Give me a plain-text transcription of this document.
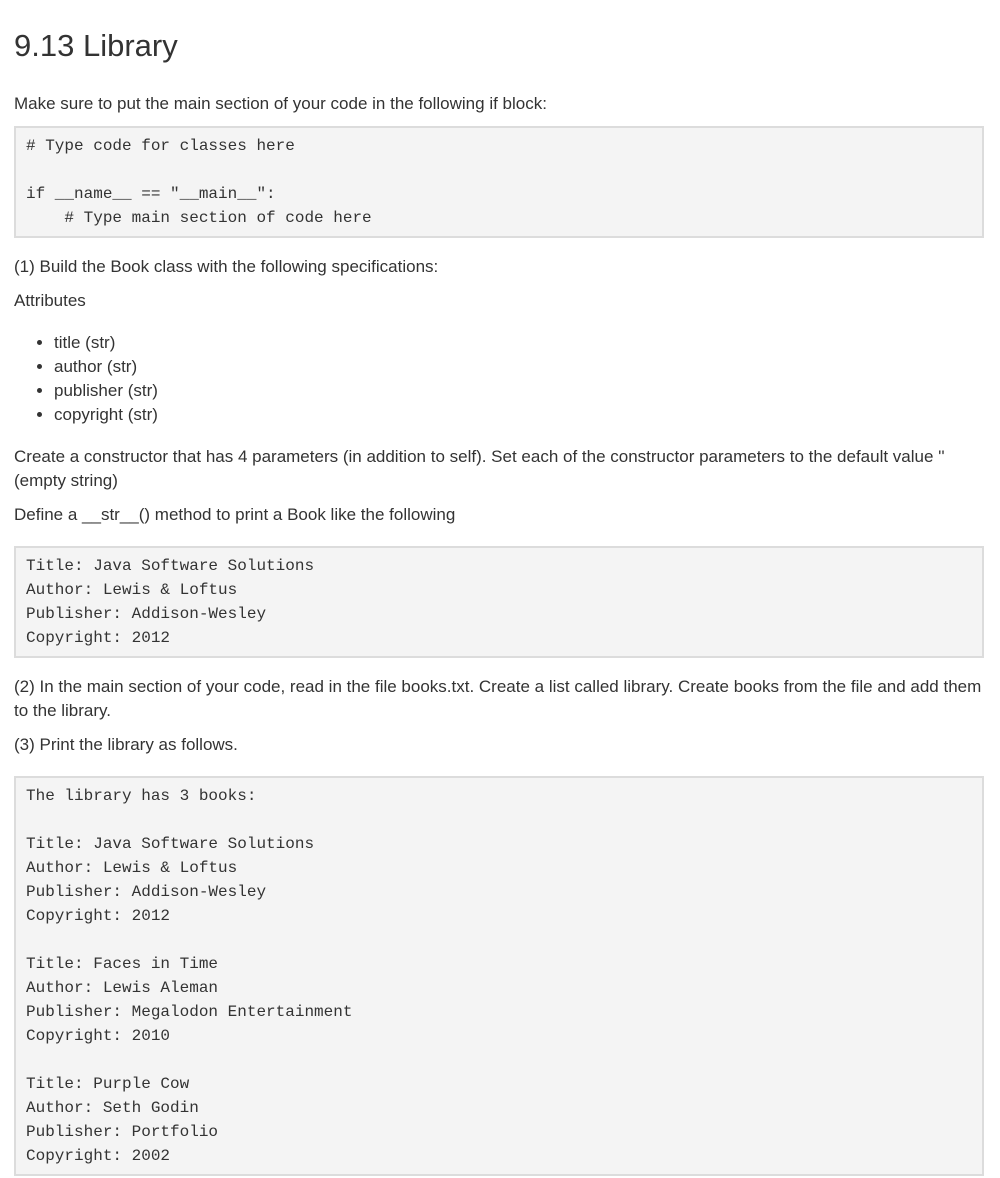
9.13 Library

Make sure to put the main section of your code in the following if block:

# Type code for classes here
if __name__ == "__main__":
# Type main section of code here

(1) Build the Book class with the following specifications:

Attributes

• title (str)
• author (str)
• publisher (str)
• copyright (str)

Create a constructor that has 4 parameters (in addition to self). Set each of the constructor parameters to the default value '' (empty string)

Define a __str__() method to print a Book like the following

Title: Java Software Solutions
Author: Lewis & Loftus
Publisher: Addison-Wesley
Copyright: 2012

(2) In the main section of your code, read in the file books.txt. Create a list called library. Create books from the file and add them to the library.

(3) Print the library as follows.

The library has 3 books:
Title: Java Software Solutions
Author: Lewis & Loftus
Publisher: Addison-Wesley
Copyright: 2012
Title: Faces in Time
Author: Lewis Aleman
Publisher: Megalodon Entertainment
Copyright: 2010
Title: Purple Cow
Author: Seth Godin
Publisher: Portfolio
Copyright: 2002
